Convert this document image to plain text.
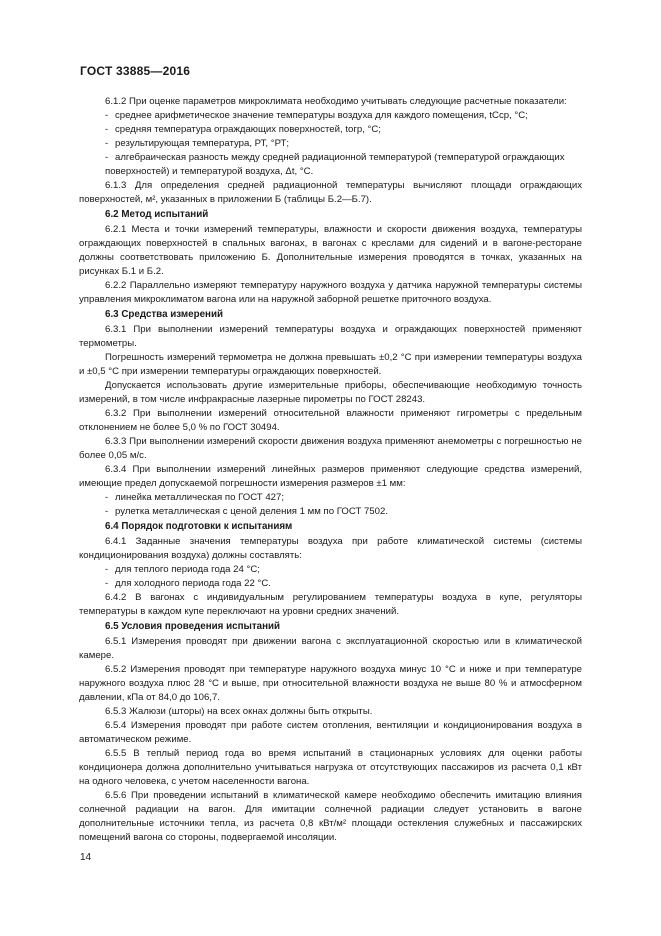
ГОСТ 33885—2016
6.1.2 При оценке параметров микроклимата необходимо учитывать следующие расчетные показатели:
- среднее арифметическое значение температуры воздуха для каждого помещения, tСср, °C;
- средняя температура ограждающих поверхностей, tогр, °C;
- результирующая температура, РТ, °РТ;
- алгебраическая разность между средней радиационной температурой (температурой ограждающих поверхностей) и температурой воздуха, Δt, °C.
6.1.3 Для определения средней радиационной температуры вычисляют площади ограждающих поверхностей, м², указанных в приложении Б (таблицы Б.2—Б.7).
6.2 Метод испытаний
6.2.1 Места и точки измерений температуры, влажности и скорости движения воздуха, температуры ограждающих поверхностей в спальных вагонах, в вагонах с креслами для сидений и в вагоне-ресторане должны соответствовать приложению Б. Дополнительные измерения проводятся в точках, указанных на рисунках Б.1 и Б.2.
6.2.2 Параллельно измеряют температуру наружного воздуха у датчика наружной температуры системы управления микроклиматом вагона или на наружной заборной решетке приточного воздуха.
6.3 Средства измерений
6.3.1 При выполнении измерений температуры воздуха и ограждающих поверхностей применяют термометры.
Погрешность измерений термометра не должна превышать ±0,2 °C при измерении температуры воздуха и ±0,5 °C при измерении температуры ограждающих поверхностей.
Допускается использовать другие измерительные приборы, обеспечивающие необходимую точность измерений, в том числе инфракрасные лазерные пирометры по ГОСТ 28243.
6.3.2 При выполнении измерений относительной влажности применяют гигрометры с предельным отклонением не более 5,0 % по ГОСТ 30494.
6.3.3 При выполнении измерений скорости движения воздуха применяют анемометры с погрешностью не более 0,05 м/с.
6.3.4 При выполнении измерений линейных размеров применяют следующие средства измерений, имеющие предел допускаемой погрешности измерения размеров ±1 мм:
- линейка металлическая по ГОСТ 427;
- рулетка металлическая с ценой деления 1 мм по ГОСТ 7502.
6.4 Порядок подготовки к испытаниям
6.4.1 Заданные значения температуры воздуха при работе климатической системы (системы кондиционирования воздуха) должны составлять:
- для теплого периода года 24 °C;
- для холодного периода года 22 °C.
6.4.2 В вагонах с индивидуальным регулированием температуры воздуха в купе, регуляторы температуры в каждом купе переключают на уровни средних значений.
6.5 Условия проведения испытаний
6.5.1 Измерения проводят при движении вагона с эксплуатационной скоростью или в климатической камере.
6.5.2 Измерения проводят при температуре наружного воздуха минус 10 °C и ниже и при температуре наружного воздуха плюс 28 °C и выше, при относительной влажности воздуха не выше 80 % и атмосферном давлении, кПа от 84,0 до 106,7.
6.5.3 Жалюзи (шторы) на всех окнах должны быть открыты.
6.5.4 Измерения проводят при работе систем отопления, вентиляции и кондиционирования воздуха в автоматическом режиме.
6.5.5 В теплый период года во время испытаний в стационарных условиях для оценки работы кондиционера должна дополнительно учитываться нагрузка от отсутствующих пассажиров из расчета 0,1 кВт на одного человека, с учетом населенности вагона.
6.5.6 При проведении испытаний в климатической камере необходимо обеспечить имитацию влияния солнечной радиации на вагон. Для имитации солнечной радиации следует установить в вагоне дополнительные источники тепла, из расчета 0,8 кВт/м² площади остекления служебных и пассажирских помещений вагона со стороны, подвергаемой инсоляции.
14
